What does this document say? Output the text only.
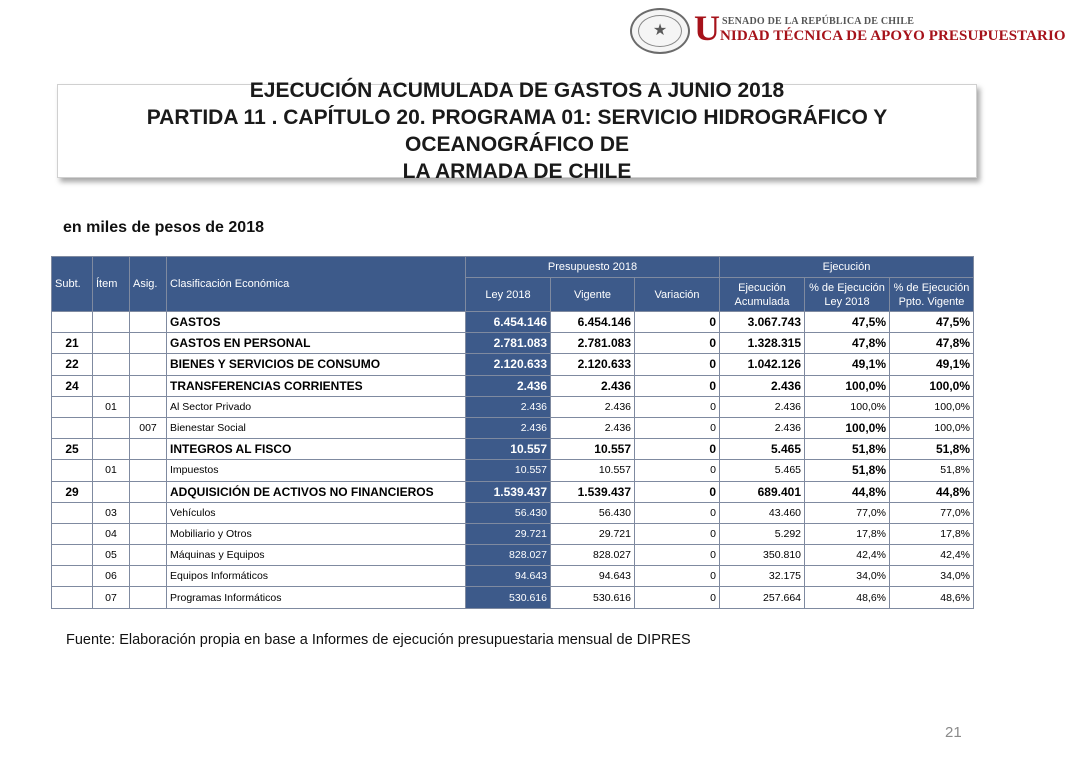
★ U SENADO DE LA REPÚBLICA DE CHILE
NIDAD TÉCNICA DE APOYO PRESUPUESTARIO
EJECUCIÓN ACUMULADA DE GASTOS A JUNIO 2018
PARTIDA 11 . CAPÍTULO 20. PROGRAMA 01: SERVICIO HIDROGRÁFICO Y OCEANOGRÁFICO DE
LA ARMADA DE CHILE
en miles de pesos de 2018
Subt.	Ítem	Asig.	Clasificación Económica	Presupuesto 2018			Ejecución		
				Ley 2018	Vigente	Variación	Ejecución Acumulada	% de Ejecución Ley 2018	% de Ejecución Ppto. Vigente
			GASTOS	6.454.146	6.454.146	0	3.067.743	47,5%	47,5%
21			GASTOS EN PERSONAL	2.781.083	2.781.083	0	1.328.315	47,8%	47,8%
22			BIENES Y SERVICIOS DE CONSUMO	2.120.633	2.120.633	0	1.042.126	49,1%	49,1%
24			TRANSFERENCIAS CORRIENTES	2.436	2.436	0	2.436	100,0%	100,0%
	01		Al Sector Privado	2.436	2.436	0	2.436	100,0%	100,0%
		007	Bienestar Social	2.436	2.436	0	2.436	100,0%	100,0%
25			INTEGROS AL FISCO	10.557	10.557	0	5.465	51,8%	51,8%
	01		Impuestos	10.557	10.557	0	5.465	51,8%	51,8%
29			ADQUISICIÓN DE ACTIVOS NO FINANCIEROS	1.539.437	1.539.437	0	689.401	44,8%	44,8%
	03		Vehículos	56.430	56.430	0	43.460	77,0%	77,0%
	04		Mobiliario y Otros	29.721	29.721	0	5.292	17,8%	17,8%
	05		Máquinas y Equipos	828.027	828.027	0	350.810	42,4%	42,4%
	06		Equipos Informáticos	94.643	94.643	0	32.175	34,0%	34,0%
	07		Programas Informáticos	530.616	530.616	0	257.664	48,6%	48,6%
Fuente: Elaboración propia en base a Informes de ejecución presupuestaria mensual de DIPRES
21
